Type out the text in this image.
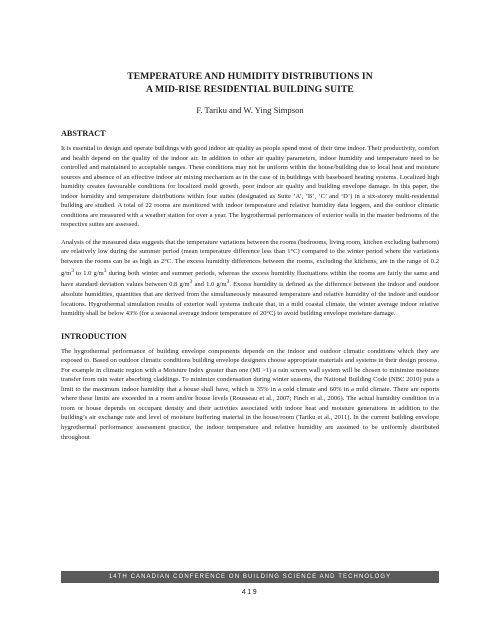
TEMPERATURE AND HUMIDITY DISTRIBUTIONS IN
A MID-RISE RESIDENTIAL BUILDING SUITE
F. Tariku and W. Ying Simpson
ABSTRACT

It is essential to design and operate buildings with good indoor air quality as people spend most of their time indoor. Their productivity, comfort and health depend on the quality of the indoor air. In addition to other air quality parameters, indoor humidity and temperature need to be controlled and maintained to acceptable ranges. These conditions may not be uniform within the house/building due to local heat and moisture sources and absence of an effective indoor air mixing mechanism as in the case of in buildings with baseboard heating systems. Localized high humidity creates favourable conditions for localized mold growth, poor indoor air quality and building envelope damage. In this paper, the indoor humidity and temperature distributions within four suites (designated as Suite ‘A’, ‘B’, ‘C’ and ‘D’) in a six-storey multi-residential building are studied. A total of 22 rooms are monitored with indoor temperature and relative humidity data loggers, and the outdoor climatic conditions are measured with a weather station for over a year. The hygrothermal performances of exterior walls in the master bedrooms of the respective suites are assessed.

Analysis of the measured data suggests that the temperature variations between the rooms (bedrooms, living room, kitchen excluding bathroom) are relatively low during the summer period (mean temperature difference less than 1°C) compared to the winter period where the variations between the rooms can be as high as 2°C. The excess humidity differences between the rooms, excluding the kitchens, are in the range of 0.2 $g/m^3$ to 1.0 $g/m^3$ during both winter and summer periods, whereas the excess humidity fluctuations within the rooms are fairly the same and have standard deviation values between 0.8 $g/m^3$ and 1.0 $g/m^3$. Excess humidity is defined as the difference between the indoor and outdoor absolute humidities, quantities that are derived from the simultaneously measured temperature and relative humidity of the indoor and outdoor locations. Hygrothermal simulation results of exterior wall systems indicate that, in a mild coastal climate, the winter average indoor relative humidity shall be below 43% (for a seasonal average indoor temperature of 20°C) to avoid building envelope moisture damage.

INTRODUCTION

The hygrothermal performance of building envelope components depends on the indoor and outdoor climatic conditions which they are exposed to. Based on outdoor climatic conditions building envelope designers choose appropriate materials and systems in their design process. For example in climatic region with a Moisture Index greater than one (MI >1) a rain screen wall system will be chosen to minimize moisture transfer from rain water absorbing claddings. To minimize condensation during winter seasons, the National Building Code (NBC 2010) puts a limit to the maximum indoor humidity that a house shall have, which is 35% in a cold climate and 60% in a mild climate. There are reports where these limits are exceeded in a room and/or house levels (Rousseau et al., 2007; Finch et al., 2006). The actual humidity condition in a room or house depends on occupant density and their activities associated with indoor heat and moisture generations in addition to the building’s air exchange rate and level of moisture buffering material in the house/room (Tariku et al., 2011). In the current building envelope hygrothermal performance assessment practice, the indoor temperature and relative humidity are assumed to be uniformly distributed throughout

14TH CANADIAN CONFERENCE ON BUILDING SCIENCE AND TECHNOLOGY
419
